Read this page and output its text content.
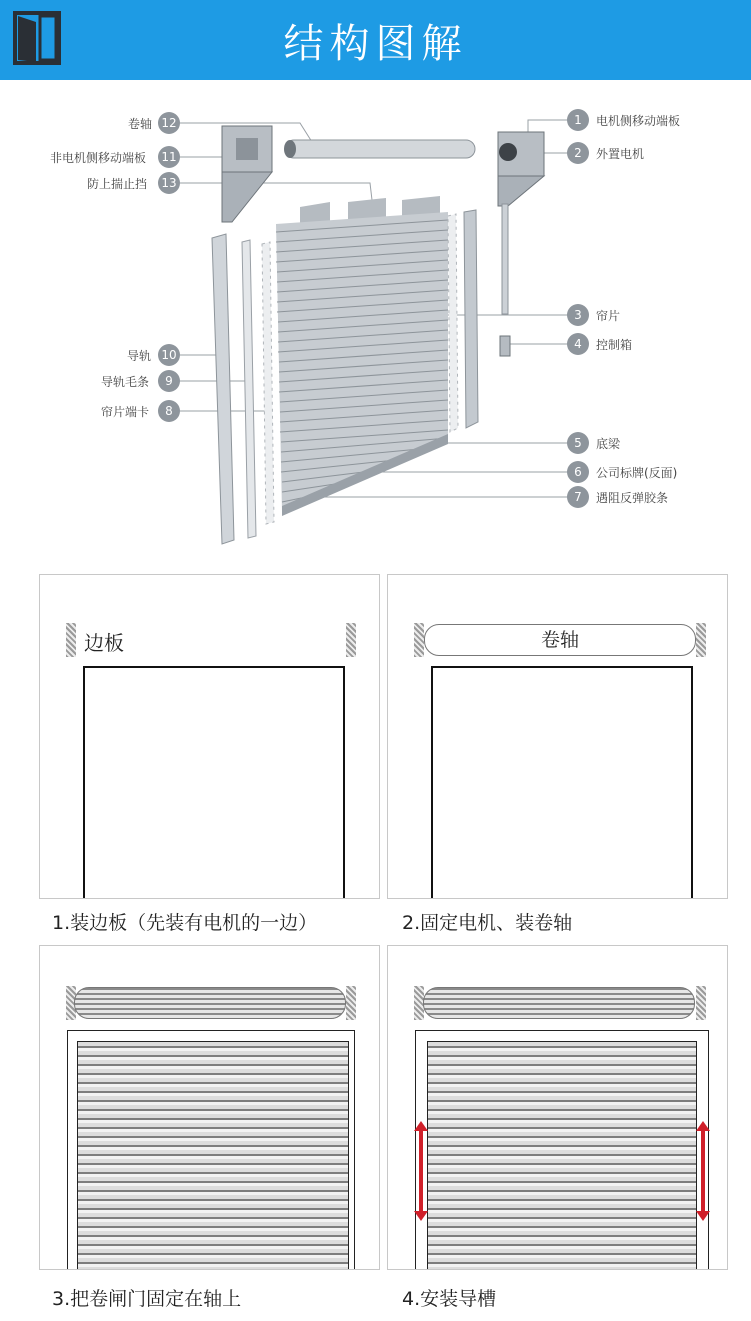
结构图解
卷轴 12
非电机侧移动端板 11
防上揣止挡 13
导轨 10
导轨毛条	9
帘片端卡	8
1	电机侧移动端板
2	外置电机
3	帘片
4	控制箱
5	底梁
6	公司标牌(反面)
7	遇阻反弹胶条
边板
1.装边板（先装有电机的一边）
卷轴
2.固定电机、装卷轴
3.把卷闸门固定在轴上	4.安装导槽
